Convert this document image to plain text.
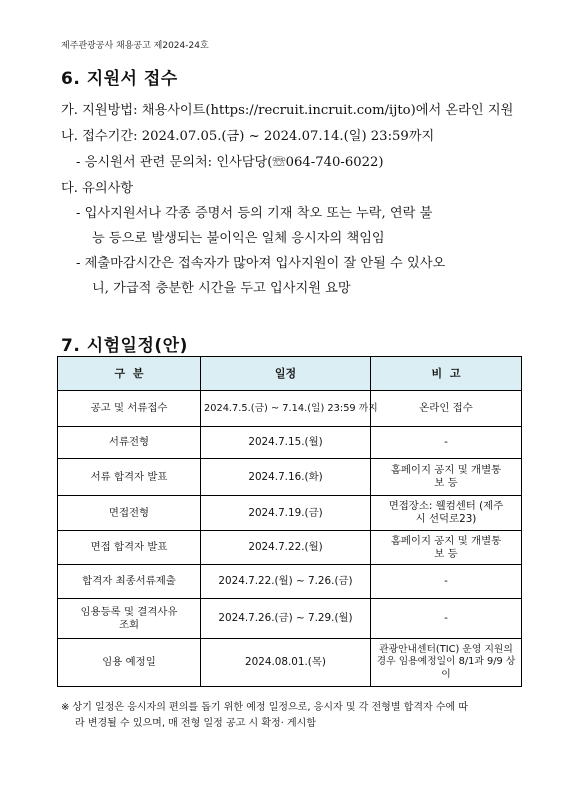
제주관광공사 채용공고 제2024-24호
6. 지원서 접수
가. 지원방법: 채용사이트(https://recruit.incruit.com/ijto)에서 온라인 지원
나. 접수기간: 2024.07.05.(금) ~ 2024.07.14.(일) 23:59까지
- 응시원서 관련 문의처: 인사담당(☏064-740-6022)
다. 유의사항
- 입사지원서나 각종 증명서 등의 기재 착오 또는 누락, 연락 불
능 등으로 발생되는 불이익은 일체 응시자의 책임임
- 제출마감시간은 접속자가 많아져 입사지원이 잘 안될 수 있사오
니, 가급적 충분한 시간을 두고 입사지원 요망
7. 시험일정(안)
구  분	일정	비  고
공고 및 서류접수	2024.7.5.(금) ~ 7.14.(일) 23:59 까지	온라인 접수
서류전형	2024.7.15.(월)	-
서류 합격자 발표	2024.7.16.(화)	홈페이지 공지 및 개별통보 등
면접전형	2024.7.19.(금)	면접장소: 웰컴센터 (제주시 선덕로23)
면접 합격자 발표	2024.7.22.(월)	홈페이지 공지 및 개별통보 등
합격자 최종서류제출	2024.7.22.(월) ~ 7.26.(금)	-
임용등록 및 결격사유 조회	2024.7.26.(금) ~ 7.29.(월)	-
임용 예정일	2024.08.01.(목)	관광안내센터(TIC) 운영 지원의 경우 임용예정일이 8/1과 9/9 상이
※ 상기 일정은 응시자의 편의를 돕기 위한 예정 일정으로, 응시자 및 각 전형별 합격자 수에 따
라 변경될 수 있으며, 매 전형 일정 공고 시 확정· 게시함
